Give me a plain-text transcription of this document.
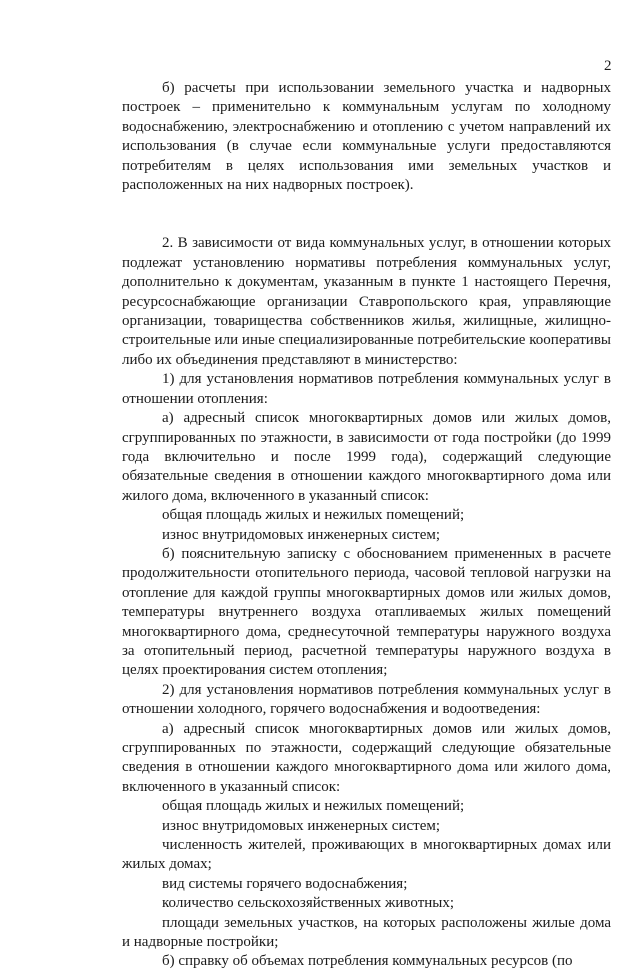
2

б) расчеты при использовании земельного участка и надворных построек – применительно к коммунальным услугам по холодному водоснабжению, электроснабжению и отоплению с учетом направлений их использования (в случае если коммунальные услуги предоставляются потребителям в целях использования ими земельных участков и расположенных на них надворных построек).

2. В зависимости от вида коммунальных услуг, в отношении которых подлежат установлению нормативы потребления коммунальных услуг, дополнительно к документам, указанным в пункте 1 настоящего Перечня, ресурсоснабжающие организации Ставропольского края, управляющие организации, товарищества собственников жилья, жилищные, жилищно-строительные или иные специализированные потребительские кооперативы либо их объединения представляют в министерство:

1) для установления нормативов потребления коммунальных услуг в отношении отопления:

а) адресный список многоквартирных домов или жилых домов, сгруппированных по этажности, в зависимости от года постройки (до 1999 года включительно и после 1999 года), содержащий следующие обязательные сведения в отношении каждого многоквартирного дома или жилого дома, включенного в указанный список:

общая площадь жилых и нежилых помещений;

износ внутридомовых инженерных систем;

б) пояснительную записку с обоснованием примененных в расчете продолжительности отопительного периода, часовой тепловой нагрузки на отопление для каждой группы многоквартирных домов или жилых домов, температуры внутреннего воздуха отапливаемых жилых помещений многоквартирного дома, среднесуточной температуры наружного воздуха за отопительный период, расчетной температуры наружного воздуха в целях проектирования систем отопления;

2) для установления нормативов потребления коммунальных услуг в отношении холодного, горячего водоснабжения и водоотведения:

а) адресный список многоквартирных домов или жилых домов, сгруппированных по этажности, содержащий следующие обязательные сведения в отношении каждого многоквартирного дома или жилого дома, включенного в указанный список:

общая площадь жилых и нежилых помещений;

износ внутридомовых инженерных систем;

численность жителей, проживающих в многоквартирных домах или жилых домах;

вид системы горячего водоснабжения;

количество сельскохозяйственных животных;

площади земельных участков, на которых расположены жилые дома и надворные постройки;

б) справку об объемах потребления коммунальных ресурсов (по
